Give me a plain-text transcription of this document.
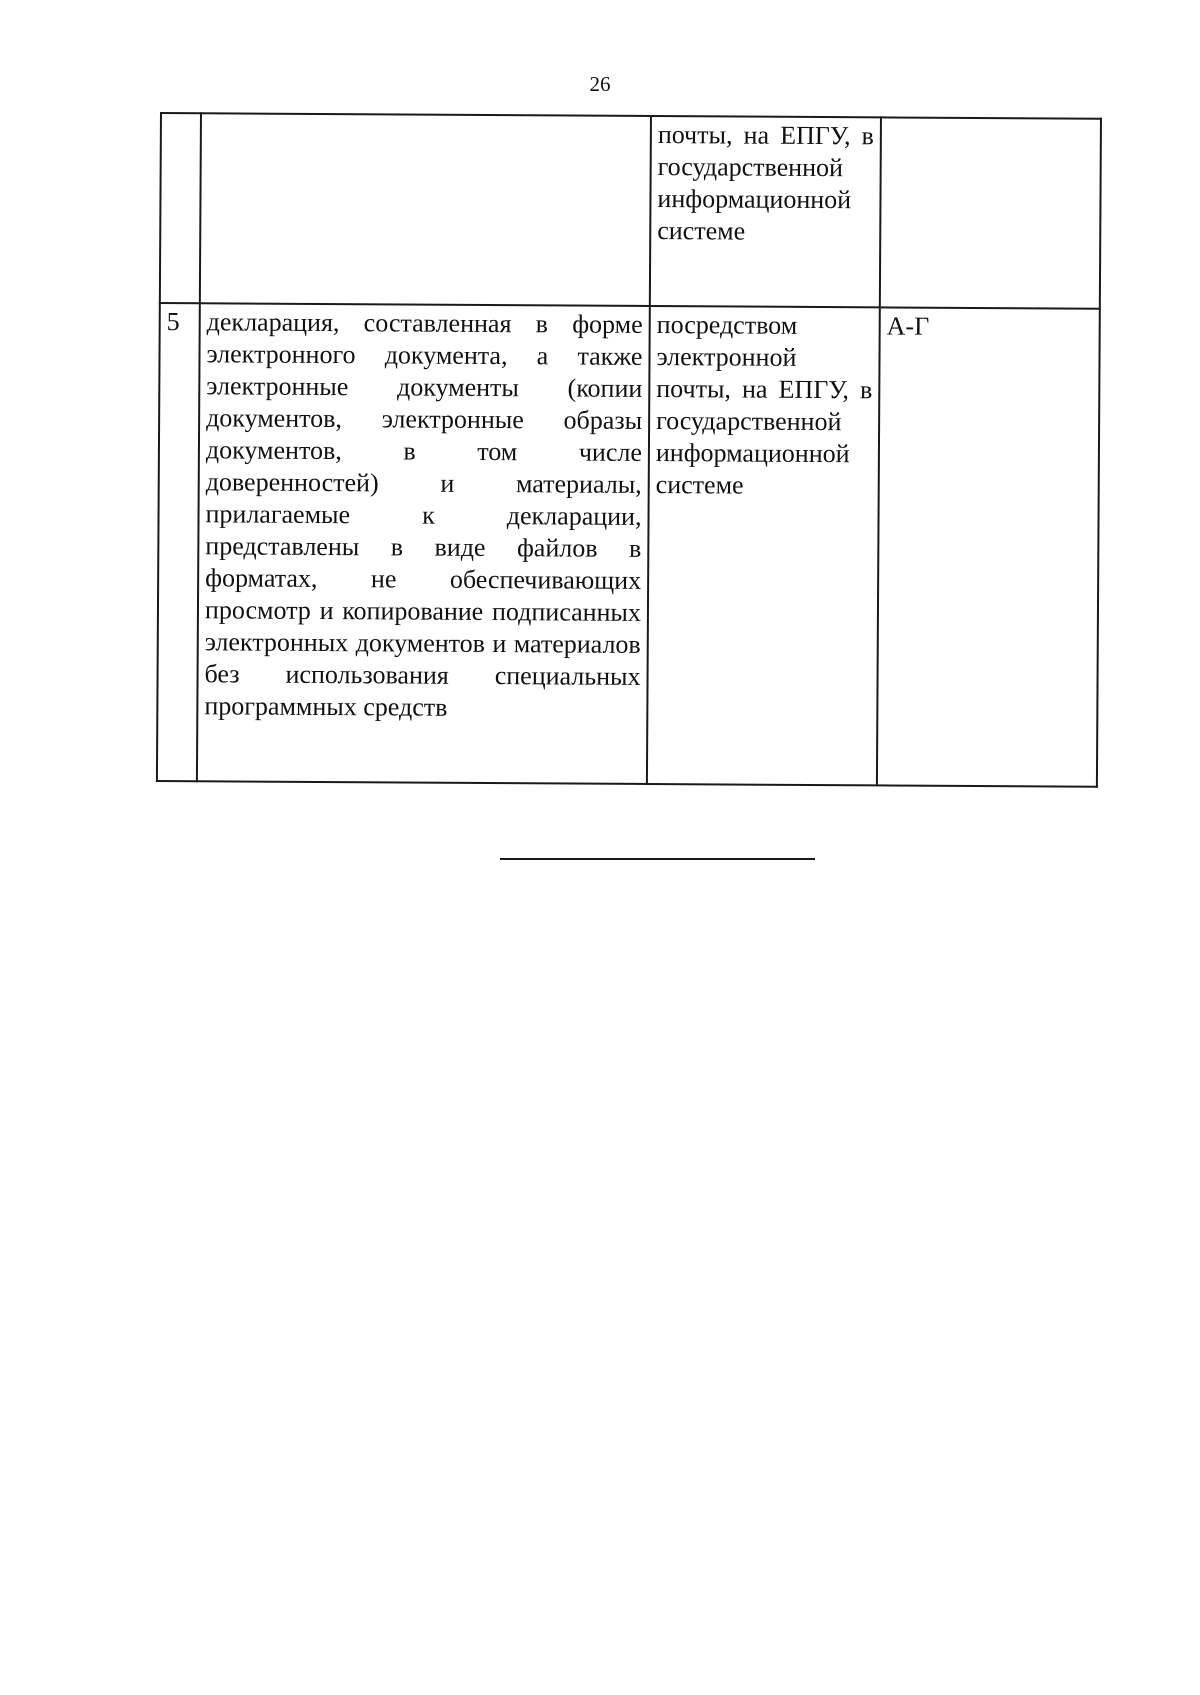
26
		почты, на ЕПГУ, в государственной информационной системе	
5	декларация, составленная в форме электронного документа, а также электронные документы (копии документов, электронные образы документов, в том числе доверенностей) и материалы, прилагаемые к декларации, представлены в виде файлов в форматах, не обеспечивающих просмотр и копирование подписанных электронных документов и материалов без использования специальных программных средств	посредством электронной почты, на ЕПГУ, в государственной информационной системе	А-Г
